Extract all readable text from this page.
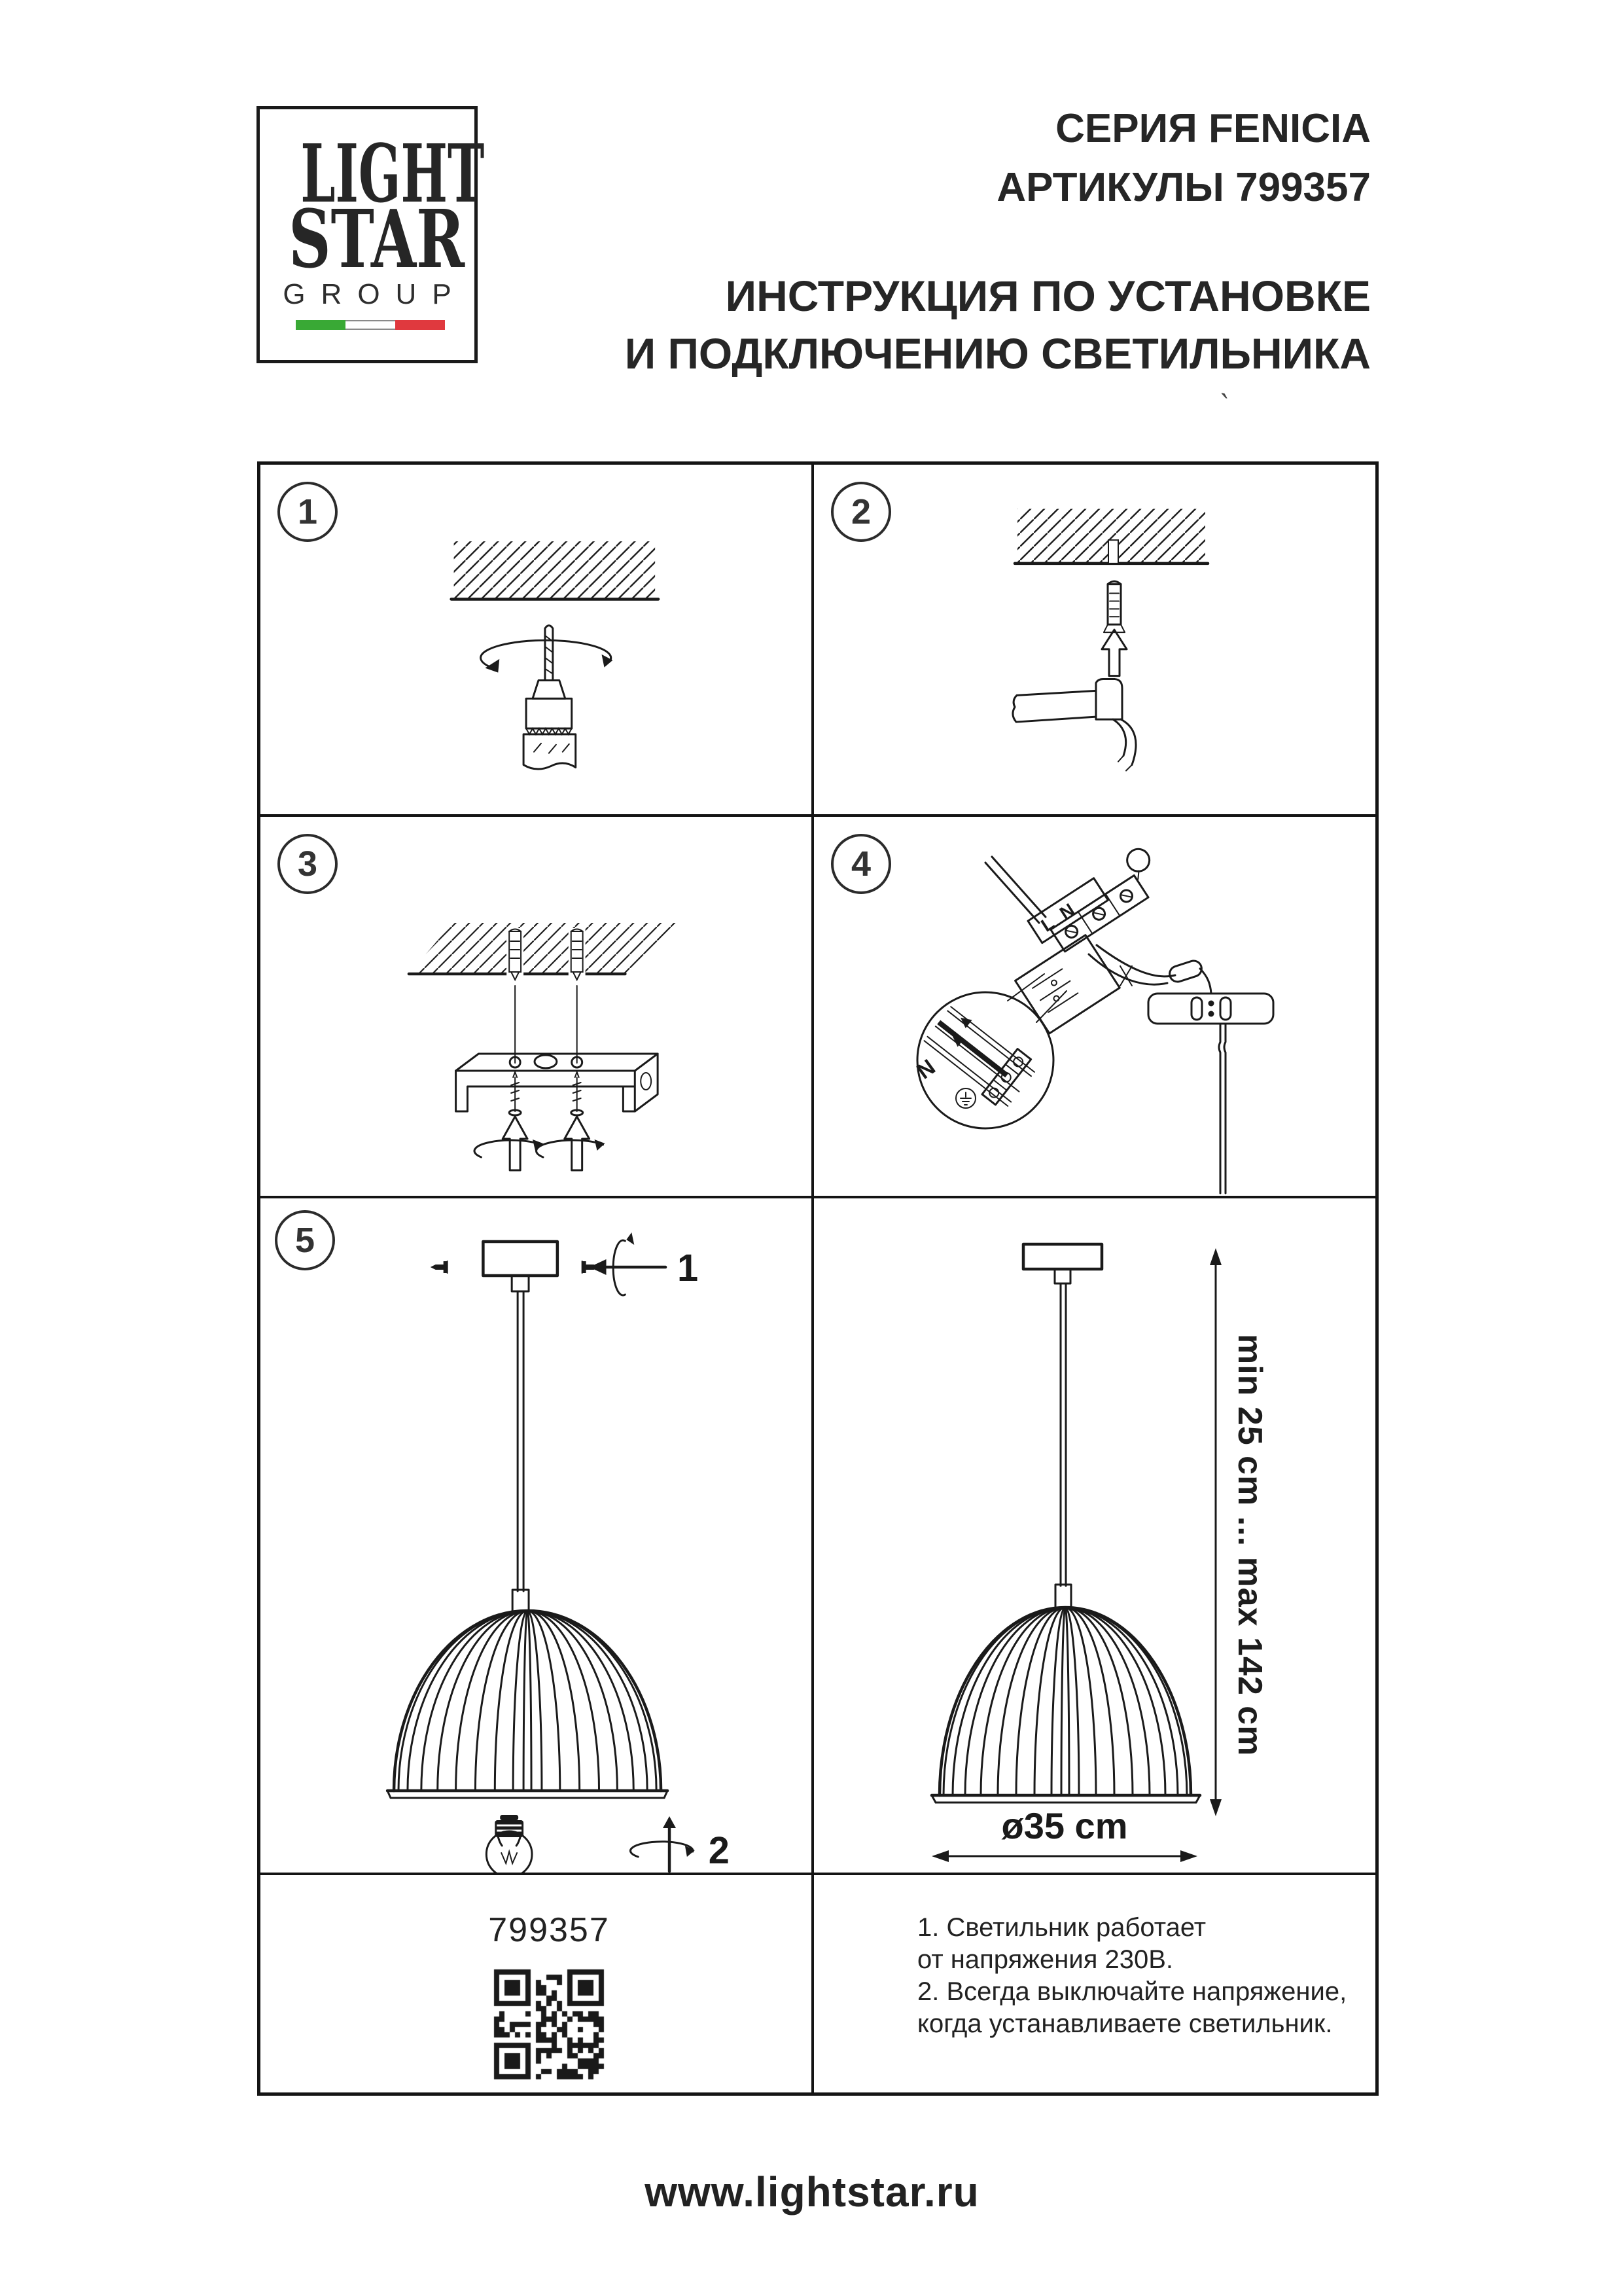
LIGHT
STAR
GROUP
СЕРИЯ FENICIA
АРТИКУЛЫ 799357
ИНСТРУКЦИЯ ПО УСТАНОВКЕ
И ПОДКЛЮЧЕНИЮ СВЕТИЛЬНИКА
`
1	2
3	4
L
N
N
5
1
2
ø35 cm
min 25 cm ... max 142 cm
799357	1. Светильник работает
от напряжения 230В.
2. Всегда выключайте напряжение,
когда устанавливаете светильник.
www.lightstar.ru
